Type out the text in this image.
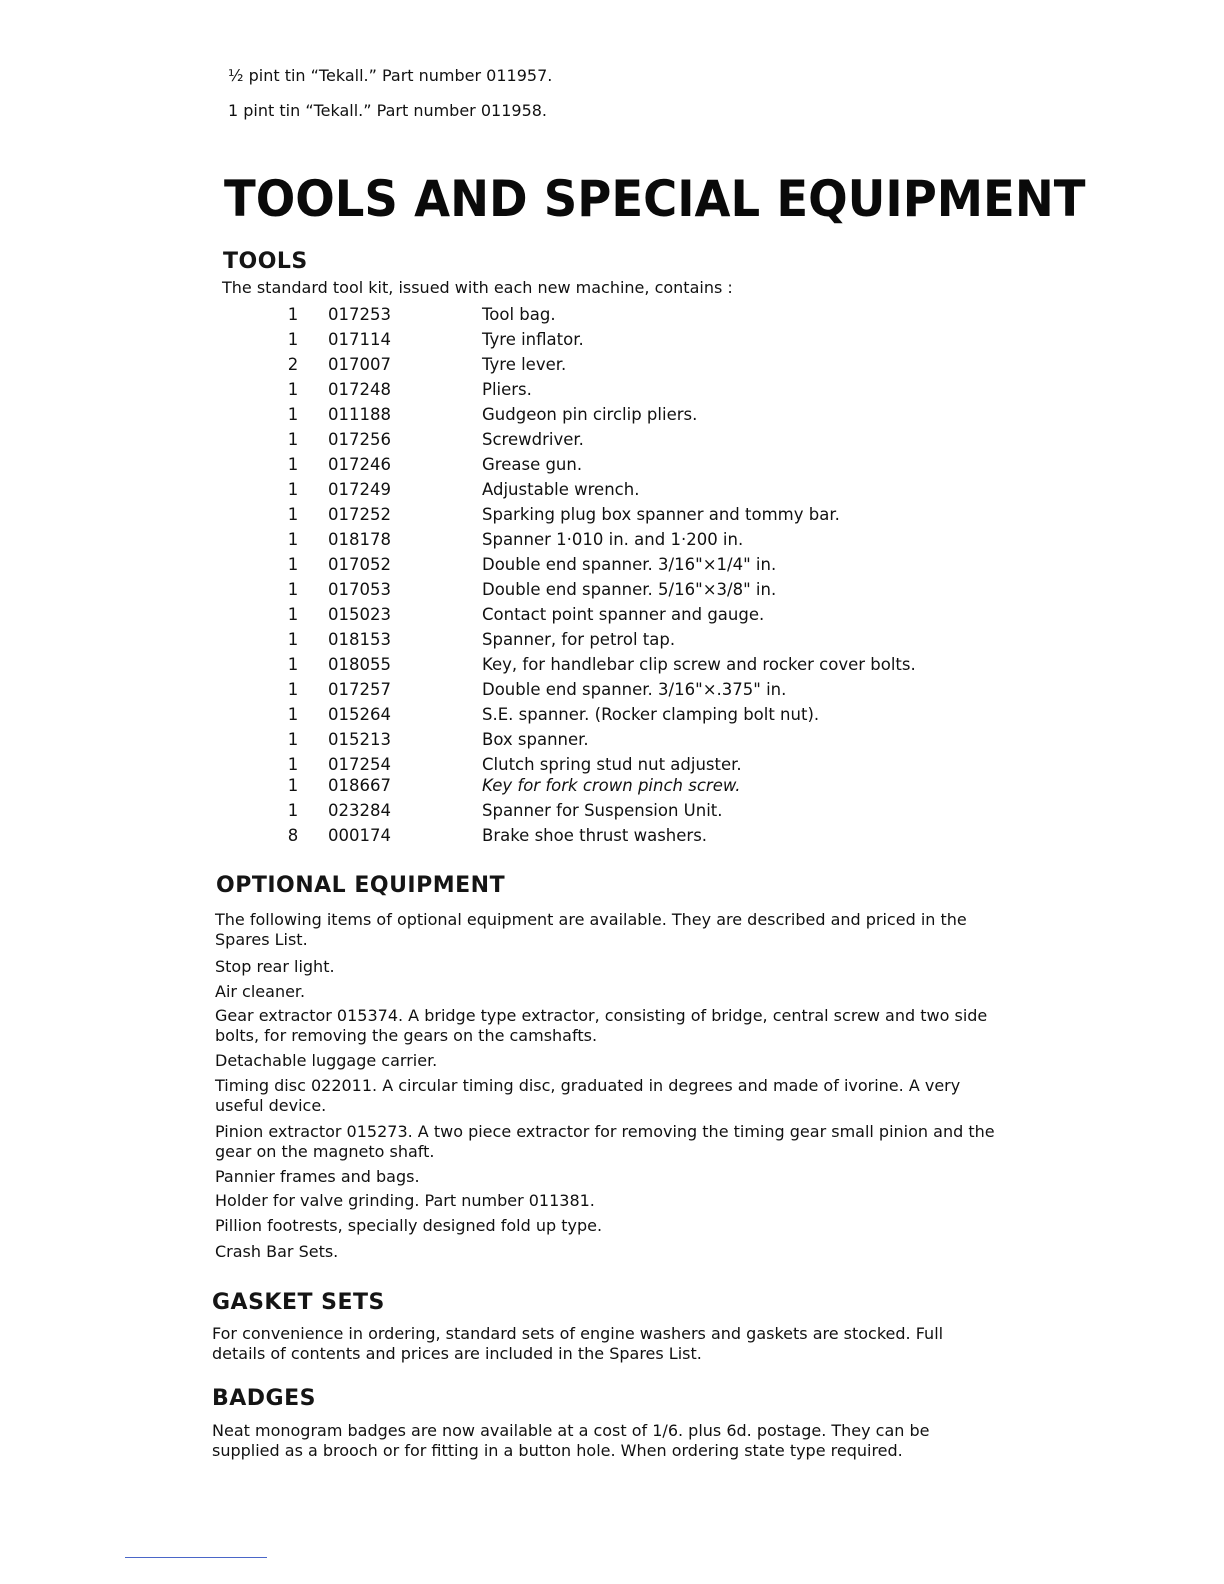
½ pint tin “Tekall.” Part number 011957.
1 pint tin “Tekall.” Part number 011958.
TOOLS AND SPECIAL EQUIPMENT
TOOLS
The standard tool kit, issued with each new machine, contains :
1	017253	Tool bag.
1	017114	Tyre inflator.
2	017007	Tyre lever.
1	017248	Pliers.
1	011188	Gudgeon pin circlip pliers.
1	017256	Screwdriver.
1	017246	Grease gun.
1	017249	Adjustable wrench.
1	017252	Sparking plug box spanner and tommy bar.
1	018178	Spanner 1·010 in. and 1·200 in.
1	017052	Double end spanner. 3/16"×1/4" in.
1	017053	Double end spanner. 5/16"×3/8" in.
1	015023	Contact point spanner and gauge.
1	018153	Spanner, for petrol tap.
1	018055	Key, for handlebar clip screw and rocker cover bolts.
1	017257	Double end spanner. 3/16"×.375" in.
1	015264	S.E. spanner. (Rocker clamping bolt nut).
1	015213	Box spanner.
1	017254	Clutch spring stud nut adjuster.
1	018667	Key for fork crown pinch screw.
1	023284	Spanner for Suspension Unit.
8	000174	Brake shoe thrust washers.
OPTIONAL EQUIPMENT
The following items of optional equipment are available. They are described and priced in the Spares List.
Stop rear light.
Air cleaner.
Gear extractor 015374. A bridge type extractor, consisting of bridge, central screw and two side bolts, for removing the gears on the camshafts.
Detachable luggage carrier.
Timing disc 022011. A circular timing disc, graduated in degrees and made of ivorine. A very useful device.
Pinion extractor 015273. A two piece extractor for removing the timing gear small pinion and the gear on the magneto shaft.
Pannier frames and bags.
Holder for valve grinding. Part number 011381.
Pillion footrests, specially designed fold up type.
Crash Bar Sets.
GASKET SETS
For convenience in ordering, standard sets of engine washers and gaskets are stocked. Full details of contents and prices are included in the Spares List.
BADGES
Neat monogram badges are now available at a cost of 1/6. plus 6d. postage. They can be supplied as a brooch or for fitting in a button hole. When ordering state type required.
